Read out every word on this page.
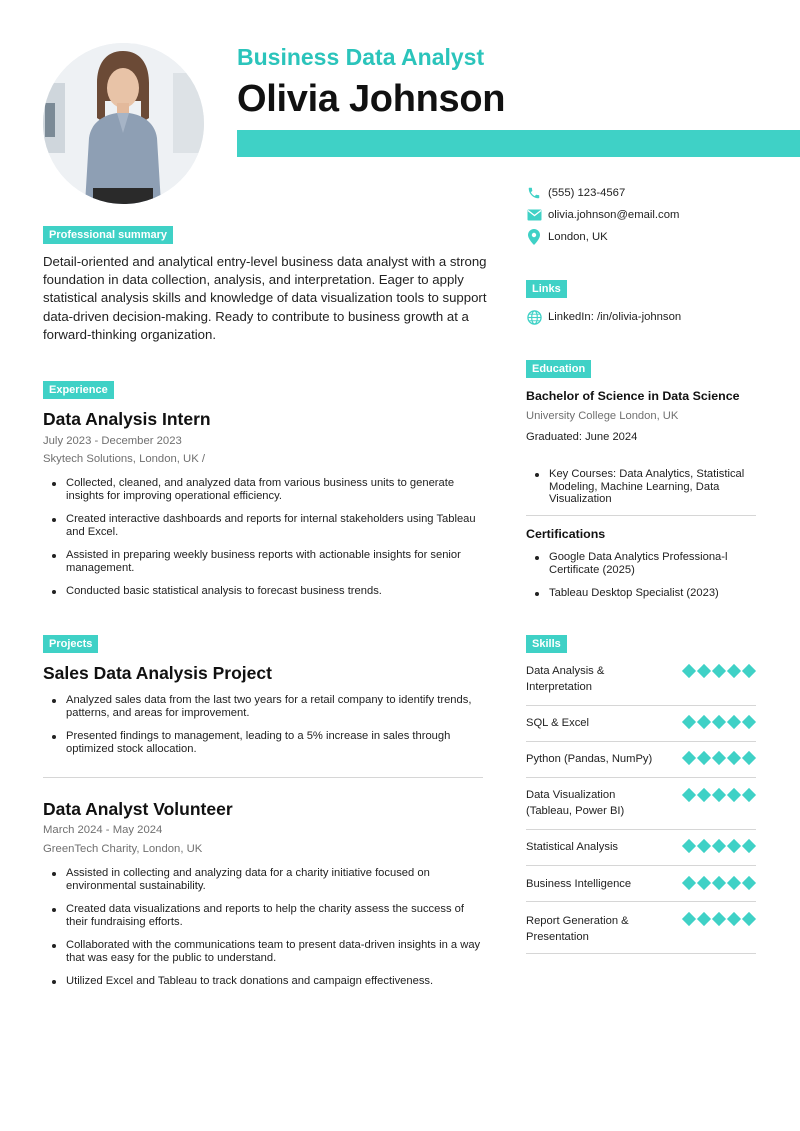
Business Data Analyst
Olivia Johnson
(555) 123-4567
olivia.johnson@email.com
London, UK
Links
LinkedIn: /in/olivia-johnson
Professional summary
Detail-oriented and analytical entry-level business data analyst with a strong foundation in data collection, analysis, and interpretation. Eager to apply statistical analysis skills and knowledge of data visualization tools to support data-driven decision-making. Ready to contribute to business growth at a forward-thinking organization.
Experience
Data Analysis Intern
July 2023 - December 2023
Skytech Solutions, London, UK /
Collected, cleaned, and analyzed data from various business units to generate insights for improving operational efficiency.
Created interactive dashboards and reports for internal stakeholders using Tableau and Excel.
Assisted in preparing weekly business reports with actionable insights for senior management.
Conducted basic statistical analysis to forecast business trends.
Projects
Sales Data Analysis Project
Analyzed sales data from the last two years for a retail company to identify trends, patterns, and areas for improvement.
Presented findings to management, leading to a 5% increase in sales through optimized stock allocation.
Data Analyst Volunteer
March 2024 - May 2024
GreenTech Charity, London, UK
Assisted in collecting and analyzing data for a charity initiative focused on environmental sustainability.
Created data visualizations and reports to help the charity assess the success of their fundraising efforts.
Collaborated with the communications team to present data-driven insights in a way that was easy for the public to understand.
Utilized Excel and Tableau to track donations and campaign effectiveness.
Education
Bachelor of Science in Data Science
University College London, UK
Graduated: June 2024
Key Courses: Data Analytics, Statistical Modeling, Machine Learning, Data Visualization
Certifications
Google Data Analytics Professiona-l Certificate (2025)
Tableau Desktop Specialist (2023)
Skills
Data Analysis & Interpretation
SQL & Excel
Python (Pandas, NumPy)
Data Visualization (Tableau, Power BI)
Statistical Analysis
Business Intelligence
Report Generation & Presentation
